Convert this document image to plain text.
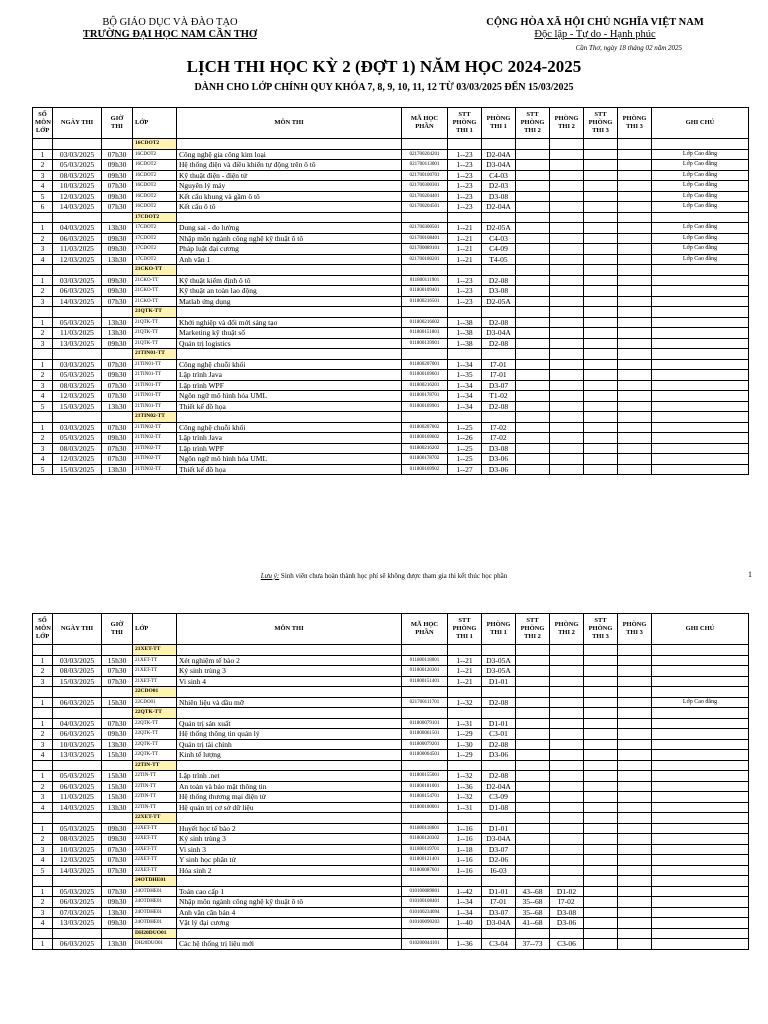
BỘ GIÁO DỤC VÀ ĐÀO TẠO
TRƯỜNG ĐẠI HỌC NAM CẦN THƠ
CỘNG HÒA XÃ HỘI CHỦ NGHĨA VIỆT NAM
Độc lập - Tự do - Hạnh phúc
Cần Thơ, ngày 18 tháng 02 năm 2025
LỊCH THI HỌC KỲ 2 (ĐỢT 1) NĂM HỌC 2024-2025
DÀNH CHO LỚP CHÍNH QUY KHÓA 7, 8, 9, 10, 11, 12 TỪ 03/03/2025 ĐẾN 15/03/2025
SỐ MÔN LỚP	NGÀY THI	GIỜ THI	LỚP	MÔN THI	MÃ HỌC PHẦN	STT PHÒNG THI 1	PHÒNG THI 1	STT PHÒNG THI 2	PHÒNG THI 2	STT PHÒNG THI 3	PHÒNG THI 3	GHI CHÚ
			16CDOT2									
1	03/03/2025	07h30	16CDOT2	Công nghệ gia công kim loại	021700204201	1--23	D2-04A					Lớp Cao đẳng
2	05/03/2025	09h30	16CDOT2	Hệ thống điện và điều khiển tự động trên ô tô	021700113001	1--23	D3-04A					Lớp Cao đẳng
3	08/03/2025	09h30	16CDOT2	Kỹ thuật điện - điện tử	021700100701	1--23	C4-03					Lớp Cao đẳng
4	10/03/2025	07h30	16CDOT2	Nguyên lý máy	021700300301	1--23	D2-03					Lớp Cao đẳng
5	12/03/2025	09h30	16CDOT2	Kết cấu khung và gầm ô tô	021700204401	1--23	D3-08					Lớp Cao đẳng
6	14/03/2025	07h30	16CDOT2	Kết cấu ô tô	021700204501	1--23	D2-04A					Lớp Cao đẳng
			17CDOT2									
1	04/03/2025	13h30	17CDOT2	Dung sai - đo lường	021700300501	1--21	D2-05A					Lớp Cao đẳng
2	06/03/2025	09h30	17CDOT2	Nhập môn ngành công nghệ kỹ thuật ô tô	021700108401	1--21	C4-03					Lớp Cao đẳng
3	11/03/2025	09h30	17CDOT2	Pháp luật đại cương	021700089101	1--21	C4-09					Lớp Cao đẳng
4	12/03/2025	13h30	17CDOT2	Anh văn 1	021700180201	1--21	T4-05					Lớp Cao đẳng
			21CKO-TT									
1	03/03/2025	09h30	21CKO-TT	Kỹ thuật kiểm định ô tô	011800111901	1--23	D2-08					
2	06/03/2025	09h30	21CKO-TT	Kỹ thuật an toàn lao động	011800109401	1--23	D3-08					
3	14/03/2025	07h30	21CKO-TT	Matlab ứng dụng	011800216501	1--23	D2-05A					
			21QTK-TT									
1	05/03/2025	13h30	21QTK-TT	Khởi nghiệp và đổi mới sáng tạo	011800216602	1--38	D2-08					
2	11/03/2025	13h30	21QTK-TT	Marketing kỹ thuật số	011800151801	1--38	D3-04A					
3	13/03/2025	09h30	21QTK-TT	Quản trị logistics	011800139901	1--38	D2-08					
			21TIN01-TT									
1	03/03/2025	07h30	21TIN01-TT	Công nghệ chuỗi khối	011800207001	1--34	I7-01					
2	05/03/2025	09h30	21TIN01-TT	Lập trình Java	011800169601	1--35	I7-01					
3	08/03/2025	07h30	21TIN01-TT	Lập trình WPF	011800216201	1--34	D3-07					
4	12/03/2025	07h30	21TIN01-TT	Ngôn ngữ mô hình hóa UML	011800178701	1--34	T1-02					
5	15/03/2025	13h30	21TIN01-TT	Thiết kế đồ họa	011800169901	1--34	D2-08					
			21TIN02-TT									
1	03/03/2025	07h30	21TIN02-TT	Công nghệ chuỗi khối	011800207002	1--25	I7-02					
2	05/03/2025	09h30	21TIN02-TT	Lập trình Java	011800169602	1--26	I7-02					
3	08/03/2025	07h30	21TIN02-TT	Lập trình WPF	011800216202	1--25	D3-08					
4	12/03/2025	07h30	21TIN02-TT	Ngôn ngữ mô hình hóa UML	011800178702	1--25	D3-06					
5	15/03/2025	13h30	21TIN02-TT	Thiết kế đồ họa	011800169902	1--27	D3-06					
Lưu ý: Sinh viên chưa hoàn thành học phí sẽ không được tham gia thi kết thúc học phần	1
SỐ MÔN LỚP	NGÀY THI	GIỜ THI	LỚP	MÔN THI	MÃ HỌC PHẦN	STT PHÒNG THI 1	PHÒNG THI 1	STT PHÒNG THI 2	PHÒNG THI 2	STT PHÒNG THI 3	PHÒNG THI 3	GHI CHÚ
			21XET-TT									
1	03/03/2025	15h30	21XET-TT	Xét nghiệm tế bào 2	011800118001	1--21	D3-05A					
2	08/03/2025	07h30	21XET-TT	Ký sinh trùng 3	011800120301	1--21	D3-05A					
3	15/03/2025	07h30	21XET-TT	Vi sinh 4	011800151401	1--21	D1-01					
			22CDO01									
1	06/03/2025	15h30	22CDO01	Nhiên liệu và dầu mỡ	021700111701	1--32	D2-08					Lớp Cao đẳng
			22QTK-TT									
1	04/03/2025	07h30	22QTK-TT	Quản trị sản xuất	011800079101	1--31	D1-01					
2	06/03/2025	09h30	22QTK-TT	Hệ thống thông tin quản lý	011800061501	1--29	C3-01					
3	10/03/2025	13h30	22QTK-TT	Quản trị tài chính	011800079201	1--30	D2-08					
4	13/03/2025	15h30	22QTK-TT	Kinh tế lượng	011800064501	1--29	D3-06					
			22TIN-TT									
1	05/03/2025	15h30	22TIN-TT	Lập trình .net	011800155001	1--32	D2-08					
2	06/03/2025	15h30	22TIN-TT	An toàn và bảo mật thông tin	011800181001	1--36	D2-04A					
3	11/03/2025	15h30	22TIN-TT	Hệ thống thương mại điện tử	011800154701	1--32	C3-09					
4	14/03/2025	13h30	22TIN-TT	Hệ quản trị cơ sở dữ liệu	011800100001	1--31	D1-08					
			22XET-TT									
1	05/03/2025	09h30	22XET-TT	Huyết học tế bào 2	011800118601	1--16	D1-01					
2	08/03/2025	09h30	22XET-TT	Ký sinh trùng 3	011800120302	1--16	D3-04A					
3	10/03/2025	07h30	22XET-TT	Vi sinh 3	011800119701	1--18	D3-07					
4	12/03/2025	07h30	22XET-TT	Y sinh học phân tử	011800121401	1--16	D2-06					
5	14/03/2025	07h30	22XET-TT	Hóa sinh 2	011800087601	1--16	I6-03					
			24OTDHE01									
1	05/03/2025	07h30	24OTDHE01	Toán cao cấp 1	010100089801	1--42	D1-01	43--68	D1-02			
2	06/03/2025	09h30	24OTDHE01	Nhập môn ngành công nghệ kỹ thuật ô tô	010100108401	1--34	I7-01	35--68	I7-02			
3	07/03/2025	13h30	24OTDHE01	Anh văn căn bản 4	010100234094	1--34	D3-07	35--68	D3-08			
4	13/03/2025	09h30	24OTDHE01	Vật lý đại cương	010100090203	1--40	D3-04A	41--68	D3-06			
			DH20DUO01									
1	06/03/2025	13h30	DH20DUO01	Các hệ thống trị liệu mới	010200044101	1--36	C3-04	37--73	C3-06			
